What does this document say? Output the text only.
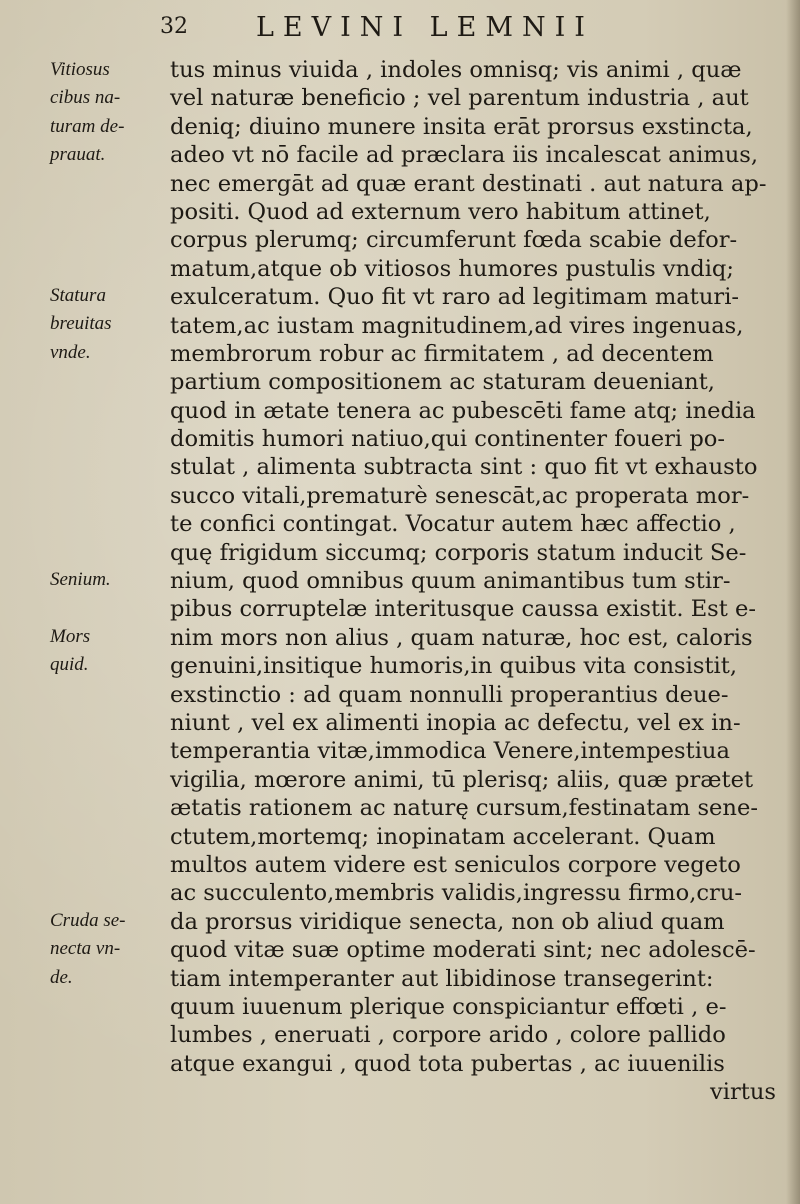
32	LEVINI LEMNII
Vitiosus
cibus na-
turam de-
prauat.
Statura
breuitas
vnde.
Senium.
Mors
quid.
Cruda se-
necta vn-
de.
tus minus viuida , indoles omnisq; vis animi , quæ
vel naturæ beneficio ; vel parentum industria , aut
deniq; diuino munere insita erāt prorsus exstincta,
adeo vt nō facile ad præclara iis incalescat animus,
nec emergāt ad quæ erant destinati . aut natura ap-
positi. Quod ad externum vero habitum attinet,
corpus plerumq; circumferunt fœda scabie defor-
matum,atque ob vitiosos humores pustulis vndiq;
exulceratum. Quo fit vt raro ad legitimam maturi-
tatem,ac iustam magnitudinem,ad vires ingenuas,
membrorum robur ac firmitatem , ad decentem
partium compositionem ac staturam deueniant,
quod in ætate tenera ac pubescēti fame atq; inedia
domitis humori natiuo,qui continenter foueri po-
stulat , alimenta subtracta sint : quo fit vt exhausto
succo vitali,prematurè senescāt,ac properata mor-
te confici contingat. Vocatur autem hæc affectio ,
quę frigidum siccumq; corporis statum inducit Se-
nium, quod omnibus quum animantibus tum stir-
pibus corruptelæ interitusque caussa existit. Est e-
nim mors non alius , quam naturæ, hoc est, caloris
genuini,insitique humoris,in quibus vita consistit,
exstinctio : ad quam nonnulli properantius deue-
niunt , vel ex alimenti inopia ac defectu, vel ex in-
temperantia vitæ,immodica Venere,intempestiua
vigilia, mœrore animi, tū plerisq; aliis, quæ prætet
ætatis rationem ac naturę cursum,festinatam sene-
ctutem,mortemq; inopinatam accelerant. Quam
multos autem videre est seniculos corpore vegeto
ac succulento,membris validis,ingressu firmo,cru-
da prorsus viridique senecta, non ob aliud quam
quod vitæ suæ optime moderati sint; nec adolescē-
tiam intemperanter aut libidinose transegerint:
quum iuuenum plerique conspiciantur effœti , e-
lumbes , eneruati , corpore arido , colore pallido
atque exangui , quod tota pubertas , ac iuuenilis
virtus
